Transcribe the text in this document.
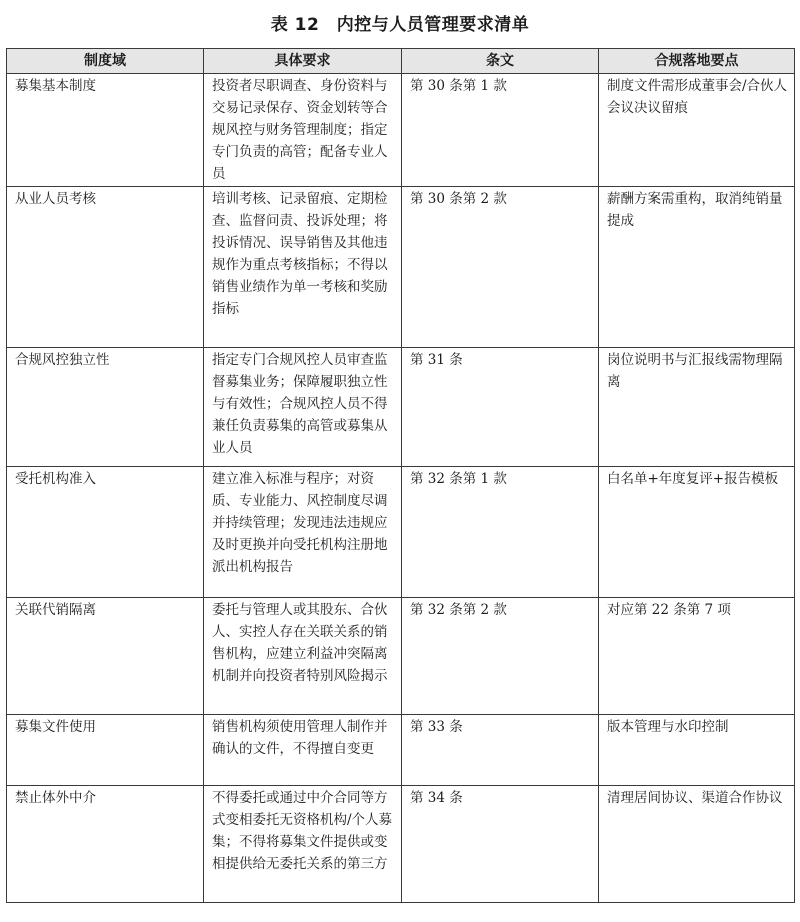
表 12　内控与人员管理要求清单
制度域	具体要求	条文	合规落地要点
募集基本制度	投资者尽职调查、身份资料与交易记录保存、资金划转等合规风控与财务管理制度；指定专门负责的高管；配备专业人员	第 30 条第 1 款	制度文件需形成董事会/合伙人会议决议留痕
从业人员考核	培训考核、记录留痕、定期检查、监督问责、投诉处理；将投诉情况、误导销售及其他违规作为重点考核指标；不得以销售业绩作为单一考核和奖励指标	第 30 条第 2 款	薪酬方案需重构，取消纯销量提成
合规风控独立性	指定专门合规风控人员审查监督募集业务；保障履职独立性与有效性；合规风控人员不得兼任负责募集的高管或募集从业人员	第 31 条	岗位说明书与汇报线需物理隔离
受托机构准入	建立准入标准与程序；对资质、专业能力、风控制度尽调并持续管理；发现违法违规应及时更换并向受托机构注册地派出机构报告	第 32 条第 1 款	白名单+年度复评+报告模板
关联代销隔离	委托与管理人或其股东、合伙人、实控人存在关联关系的销售机构，应建立利益冲突隔离机制并向投资者特别风险揭示	第 32 条第 2 款	对应第 22 条第 7 项
募集文件使用	销售机构须使用管理人制作并确认的文件，不得擅自变更	第 33 条	版本管理与水印控制
禁止体外中介	不得委托或通过中介合同等方式变相委托无资格机构/个人募集；不得将募集文件提供或变相提供给无委托关系的第三方	第 34 条	清理居间协议、渠道合作协议
